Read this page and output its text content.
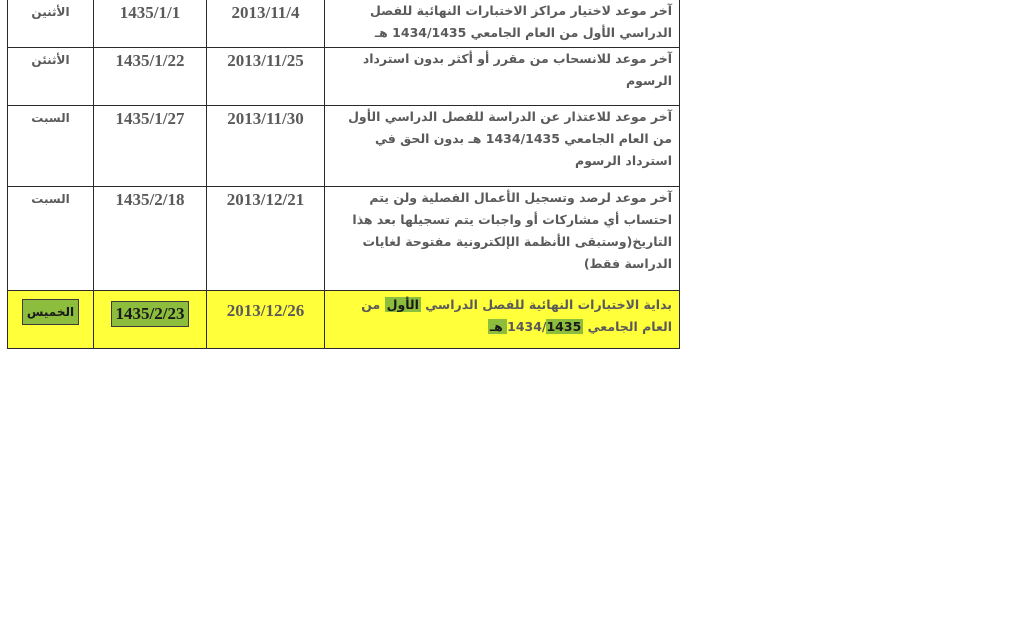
الأثنين	1435/1/1	2013/11/4	آخر موعد لاختيار مراكز الاختبارات النهائية للفصل الدراسي الأول من العام الجامعي 1434/1435 هـ
الأثنئن	1435/1/22	2013/11/25	آخر موعد للانسحاب من مقرر أو أكثر بدون استرداد الرسوم
السبت	1435/1/27	2013/11/30	آخر موعد للاعتذار عن الدراسة للفصل الدراسي الأول من العام الجامعي 1434/1435 هـ بدون الحق في استرداد الرسوم
السبت	1435/2/18	2013/12/21	آخر موعد لرصد وتسجيل الأعمال الفصلية ولن يتم احتساب أي مشاركات أو واجبات يتم تسجيلها بعد هذا التاريخ(وستبقى الأنظمة الإلكترونية مفتوحة لغايات الدراسة فقط)
الخميس	1435/2/23	2013/12/26	بداية الاختبارات النهائية للفصل الدراسي الأول من العام الجامعي 1434/1435 هـ
